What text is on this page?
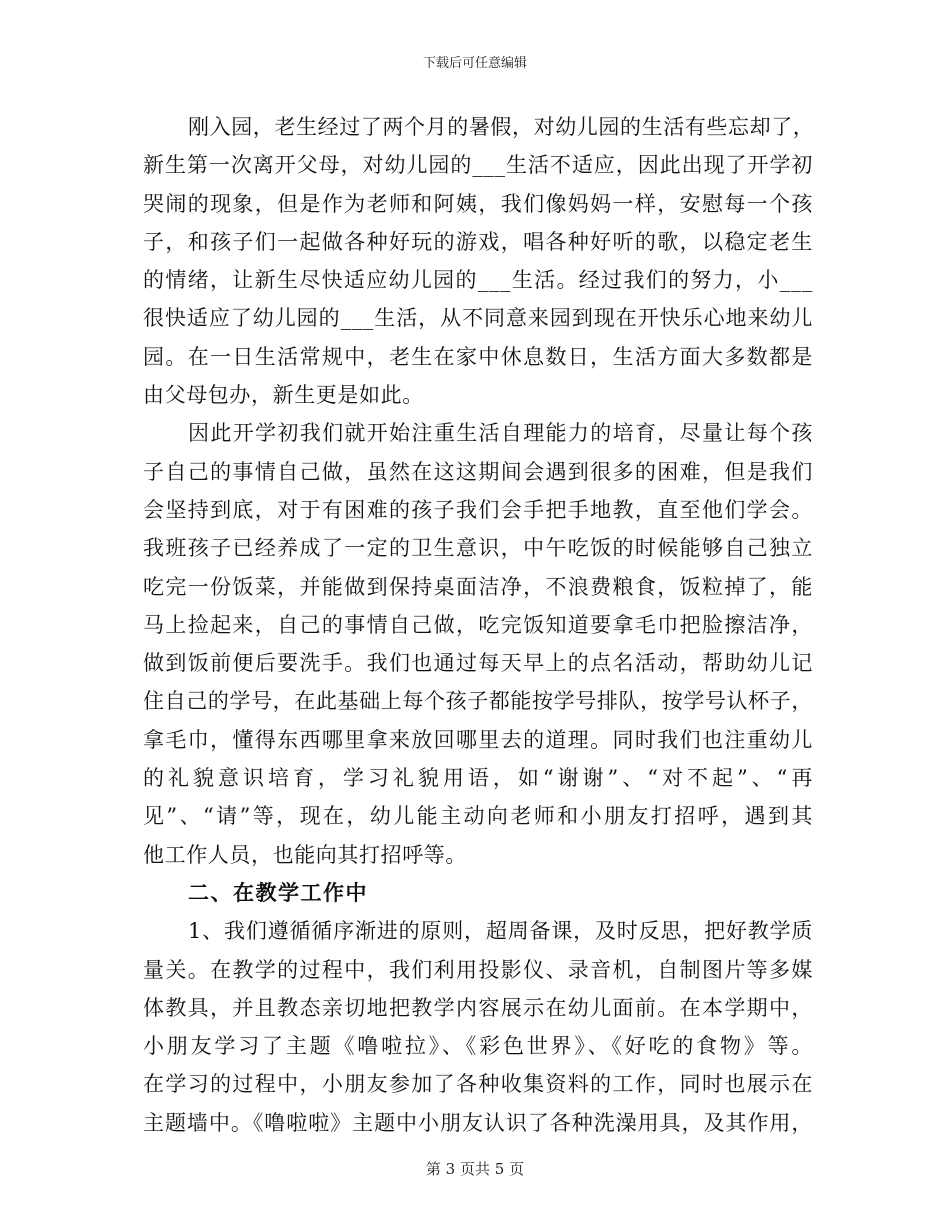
下载后可任意编辑
刚入园，老生经过了两个月的暑假，对幼儿园的生活有些忘却了，
新生第一次离开父母，对幼儿园的___生活不适应，因此出现了开学初
哭闹的现象，但是作为老师和阿姨，我们像妈妈一样，安慰每一个孩
子，和孩子们一起做各种好玩的游戏，唱各种好听的歌，以稳定老生
的情绪，让新生尽快适应幼儿园的___生活。经过我们的努力，小___
很快适应了幼儿园的___生活，从不同意来园到现在开快乐心地来幼儿
园。在一日生活常规中，老生在家中休息数日，生活方面大多数都是
由父母包办，新生更是如此。
因此开学初我们就开始注重生活自理能力的培育，尽量让每个孩
子自己的事情自己做，虽然在这这期间会遇到很多的困难，但是我们
会坚持到底，对于有困难的孩子我们会手把手地教，直至他们学会。
我班孩子已经养成了一定的卫生意识，中午吃饭的时候能够自己独立
吃完一份饭菜，并能做到保持桌面洁净，不浪费粮食，饭粒掉了，能
马上捡起来，自己的事情自己做，吃完饭知道要拿毛巾把脸擦洁净，
做到饭前便后要洗手。我们也通过每天早上的点名活动，帮助幼儿记
住自己的学号，在此基础上每个孩子都能按学号排队，按学号认杯子，
拿毛巾，懂得东西哪里拿来放回哪里去的道理。同时我们也注重幼儿
的礼貌意识培育，学习礼貌用语，如“谢谢”、“对不起”、“再
见”、“请”等，现在，幼儿能主动向老师和小朋友打招呼，遇到其
他工作人员，也能向其打招呼等。
二、在教学工作中
1、我们遵循循序渐进的原则，超周备课，及时反思，把好教学质
量关。在教学的过程中，我们利用投影仪、录音机，自制图片等多媒
体教具，并且教态亲切地把教学内容展示在幼儿面前。在本学期中，
小朋友学习了主题《噜啦拉》、《彩色世界》、《好吃的食物》等。
在学习的过程中，小朋友参加了各种收集资料的工作，同时也展示在
主题墙中。《噜啦啦》主题中小朋友认识了各种洗澡用具，及其作用，
第 3 页共 5 页
